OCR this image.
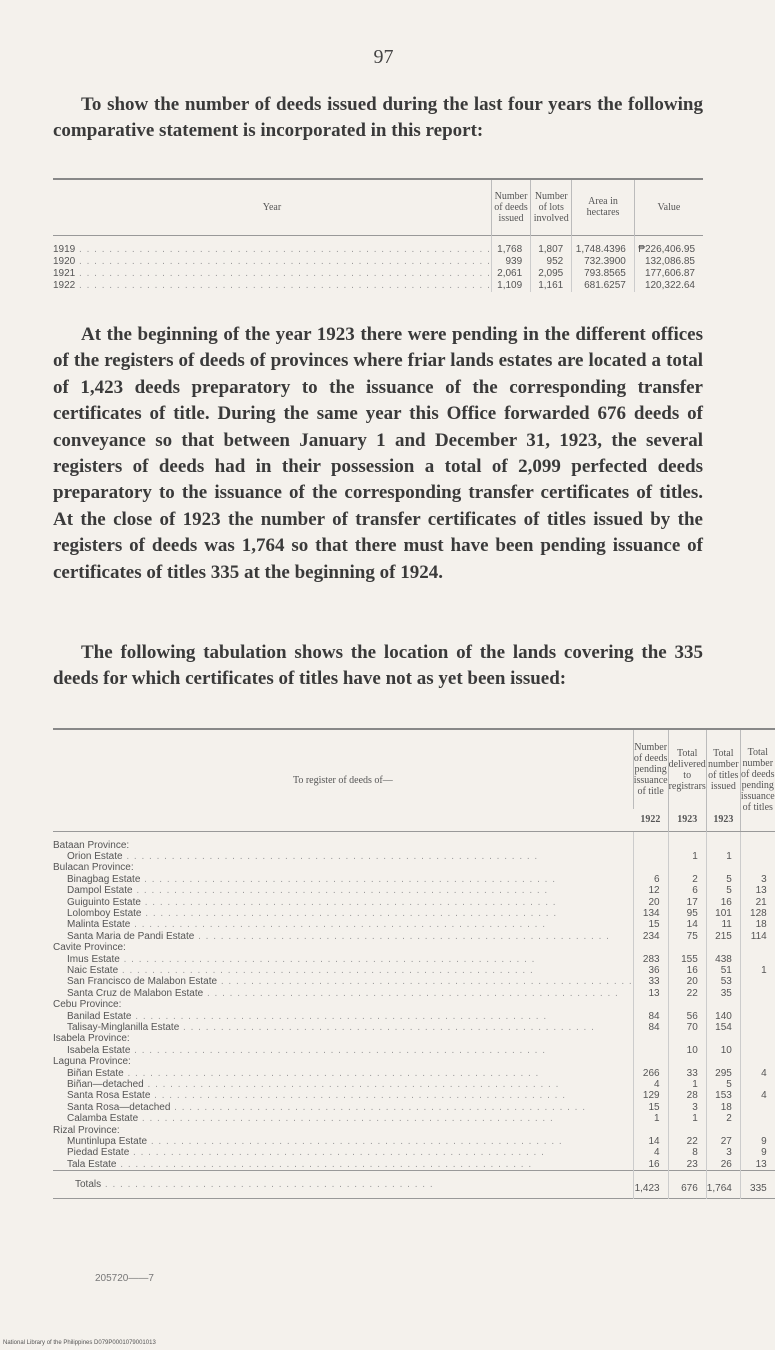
97

To show the number of deeds issued during the last four years the following comparative statement is incorporated in this report:

Year	Number of deeds issued	Number of lots involved	Area in hectares	Value
1919 . . . . . . . . . . . . . . . . . . . . . . . . . . . . . . . . . . . . . . . . . . . . . . . . . . . . . . .	1,768	1,807	1,748.4396	₱226,406.95
1920 . . . . . . . . . . . . . . . . . . . . . . . . . . . . . . . . . . . . . . . . . . . . . . . . . . . . . . .	939	952	732.3900	132,086.85
1921 . . . . . . . . . . . . . . . . . . . . . . . . . . . . . . . . . . . . . . . . . . . . . . . . . . . . . . .	2,061	2,095	793.8565	177,606.87
1922 . . . . . . . . . . . . . . . . . . . . . . . . . . . . . . . . . . . . . . . . . . . . . . . . . . . . . . .	1,109	1,161	681.6257	120,322.64

At the beginning of the year 1923 there were pending in the different offices of the registers of deeds of provinces where friar lands estates are located a total of 1,423 deeds preparatory to the issuance of the corresponding transfer certificates of title. During the same year this Office forwarded 676 deeds of conveyance so that between January 1 and December 31, 1923, the several registers of deeds had in their possession a total of 2,099 perfected deeds preparatory to the issuance of the corresponding transfer certificates of titles. At the close of 1923 the number of transfer certificates of titles issued by the registers of deeds was 1,764 so that there must have been pending issuance of certificates of titles 335 at the beginning of 1924.

The following tabulation shows the location of the lands covering the 335 deeds for which certificates of titles have not as yet been issued:

To register of deeds of—	Number of deeds pending issuance of title	Total delivered to registrars	Total number of titles issued	Total number of deeds pending issuance of titles
	1922	1923	1923	
Bataan Province:				
Orion Estate . . . . . . . . . . . . . . . . . . . . . . . . . . . . . . . . . . . . . . . . . . . . . . . . . . . . . . .		1	1	
Bulacan Province:				
Binagbag Estate . . . . . . . . . . . . . . . . . . . . . . . . . . . . . . . . . . . . . . . . . . . . . . . . . . . . . . .	6	2	5	3
Dampol Estate . . . . . . . . . . . . . . . . . . . . . . . . . . . . . . . . . . . . . . . . . . . . . . . . . . . . . . .	12	6	5	13
Guiguinto Estate . . . . . . . . . . . . . . . . . . . . . . . . . . . . . . . . . . . . . . . . . . . . . . . . . . . . . . .	20	17	16	21
Lolomboy Estate . . . . . . . . . . . . . . . . . . . . . . . . . . . . . . . . . . . . . . . . . . . . . . . . . . . . . . .	134	95	101	128
Malinta Estate . . . . . . . . . . . . . . . . . . . . . . . . . . . . . . . . . . . . . . . . . . . . . . . . . . . . . . .	15	14	11	18
Santa Maria de Pandi Estate . . . . . . . . . . . . . . . . . . . . . . . . . . . . . . . . . . . . . . . . . . . . . . . . . . . . . . .	234	75	215	114
Cavite Province:				
Imus Estate . . . . . . . . . . . . . . . . . . . . . . . . . . . . . . . . . . . . . . . . . . . . . . . . . . . . . . .	283	155	438	
Naic Estate . . . . . . . . . . . . . . . . . . . . . . . . . . . . . . . . . . . . . . . . . . . . . . . . . . . . . . .	36	16	51	1
San Francisco de Malabon Estate . . . . . . . . . . . . . . . . . . . . . . . . . . . . . . . . . . . . . . . . . . . . . . . . . . . . . . .	33	20	53	
Santa Cruz de Malabon Estate . . . . . . . . . . . . . . . . . . . . . . . . . . . . . . . . . . . . . . . . . . . . . . . . . . . . . . .	13	22	35	
Cebu Province:				
Banilad Estate . . . . . . . . . . . . . . . . . . . . . . . . . . . . . . . . . . . . . . . . . . . . . . . . . . . . . . .	84	56	140	
Talisay-Minglanilla Estate . . . . . . . . . . . . . . . . . . . . . . . . . . . . . . . . . . . . . . . . . . . . . . . . . . . . . . .	84	70	154	
Isabela Province:				
Isabela Estate . . . . . . . . . . . . . . . . . . . . . . . . . . . . . . . . . . . . . . . . . . . . . . . . . . . . . . .		10	10	
Laguna Province:				
Biñan Estate . . . . . . . . . . . . . . . . . . . . . . . . . . . . . . . . . . . . . . . . . . . . . . . . . . . . . . .	266	33	295	4
Biñan—detached . . . . . . . . . . . . . . . . . . . . . . . . . . . . . . . . . . . . . . . . . . . . . . . . . . . . . . .	4	1	5	
Santa Rosa Estate . . . . . . . . . . . . . . . . . . . . . . . . . . . . . . . . . . . . . . . . . . . . . . . . . . . . . . .	129	28	153	4
Santa Rosa—detached . . . . . . . . . . . . . . . . . . . . . . . . . . . . . . . . . . . . . . . . . . . . . . . . . . . . . . .	15	3	18	
Calamba Estate . . . . . . . . . . . . . . . . . . . . . . . . . . . . . . . . . . . . . . . . . . . . . . . . . . . . . . .	1	1	2	
Rizal Province:				
Muntinlupa Estate . . . . . . . . . . . . . . . . . . . . . . . . . . . . . . . . . . . . . . . . . . . . . . . . . . . . . . .	14	22	27	9
Piedad Estate . . . . . . . . . . . . . . . . . . . . . . . . . . . . . . . . . . . . . . . . . . . . . . . . . . . . . . .	4	8	3	9
Tala Estate . . . . . . . . . . . . . . . . . . . . . . . . . . . . . . . . . . . . . . . . . . . . . . . . . . . . . . .	16	23	26	13
Totals . . . . . . . . . . . . . . . . . . . . . . . . . . . . . . . . . . . . . . . . . . . .	1,423	676	1,764	335
205720——7
National Library of the Philippines D079P0001079001013
